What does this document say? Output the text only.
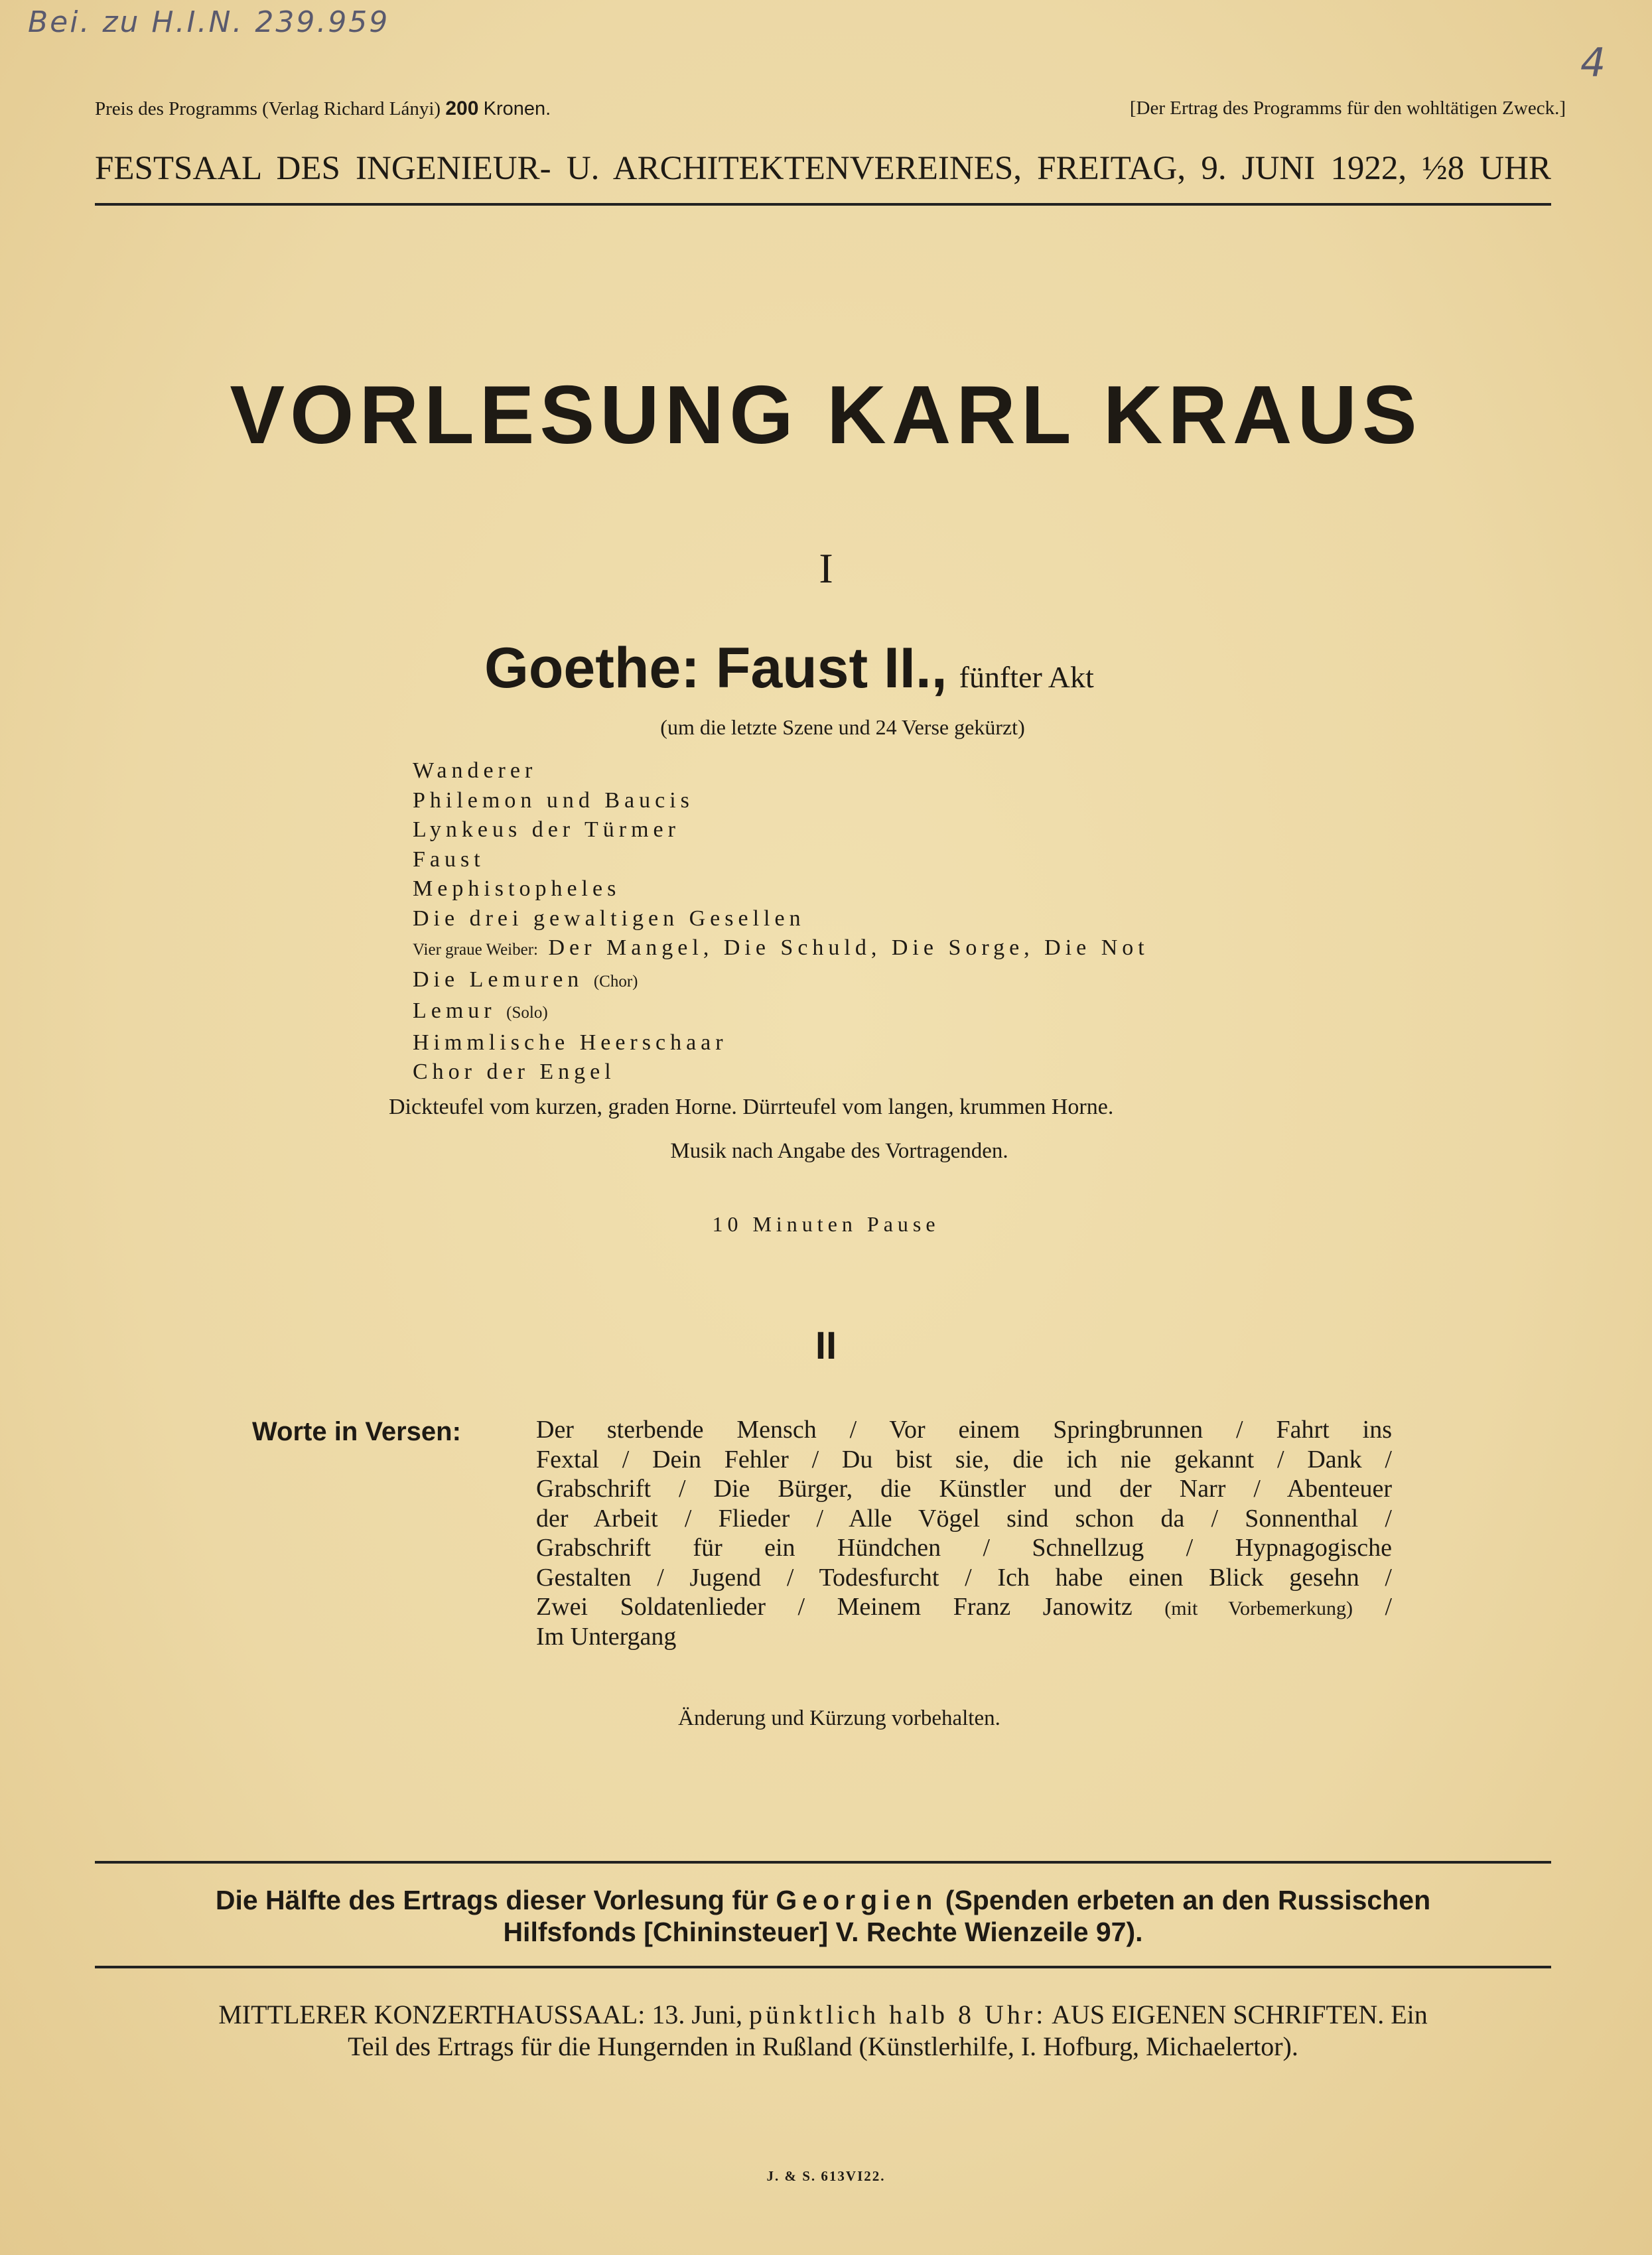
Bei. zu H.I.N. 239.959
4
Preis des Programms (Verlag Richard Lányi) 200 Kronen.	[Der Ertrag des Programms für den wohltätigen Zweck.]
FESTSAAL DES INGENIEUR- U. ARCHITEKTENVEREINES, FREITAG, 9. JUNI 1922, ½8 UHR
VORLESUNG KARL KRAUS
I
Goethe: Faust II., fünfter Akt
(um die letzte Szene und 24 Verse gekürzt)
Wanderer
Philemon und Baucis
Lynkeus der Türmer
Faust
Mephistopheles
Die drei gewaltigen Gesellen
Vier graue Weiber: Der Mangel, Die Schuld, Die Sorge, Die Not
Die Lemuren (Chor)
Lemur (Solo)
Himmlische Heerschaar
Chor der Engel
Dickteufel vom kurzen, graden Horne. Dürrteufel vom langen, krummen Horne.
Musik nach Angabe des Vortragenden.
10 Minuten Pause
II
Worte in Versen:	Der sterbende Mensch / Vor einem Springbrunnen / Fahrt ins
Fextal / Dein Fehler / Du bist sie, die ich nie gekannt / Dank /
Grabschrift / Die Bürger, die Künstler und der Narr / Abenteuer
der Arbeit / Flieder / Alle Vögel sind schon da / Sonnenthal /
Grabschrift für ein Hündchen / Schnellzug / Hypnagogische
Gestalten / Jugend / Todesfurcht / Ich habe einen Blick gesehn /
Zwei Soldatenlieder / Meinem Franz Janowitz (mit Vorbemerkung) /
Im Untergang
Änderung und Kürzung vorbehalten.
Die Hälfte des Ertrags dieser Vorlesung für Georgien (Spenden erbeten an den Russischen
Hilfsfonds [Chininsteuer] V. Rechte Wienzeile 97).
MITTLERER KONZERTHAUSSAAL: 13. Juni, pünktlich halb 8 Uhr: AUS EIGENEN SCHRIFTEN. Ein
Teil des Ertrags für die Hungernden in Rußland (Künstlerhilfe, I. Hofburg, Michaelertor).
J. & S. 613VI22.
